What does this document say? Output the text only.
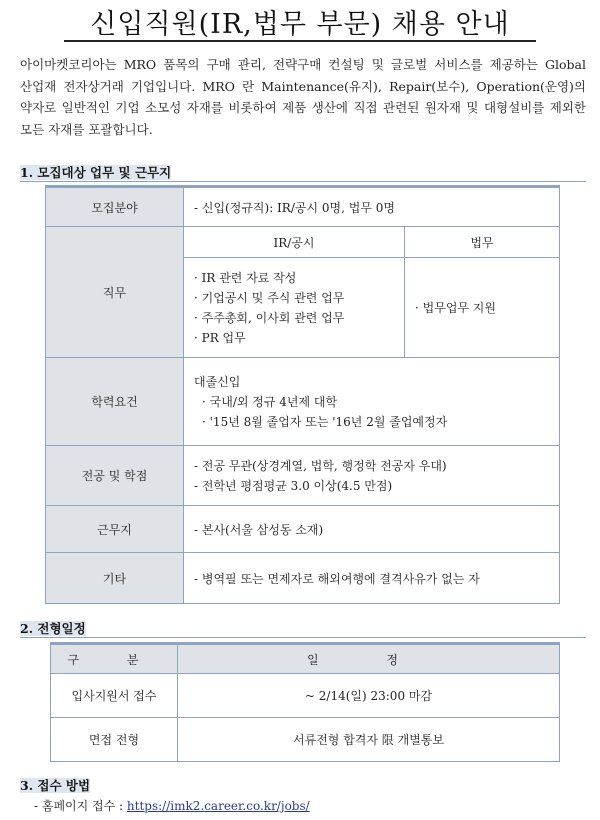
신입직원(IR,법무 부문) 채용 안내
아이마켓코리아는 MRO 품목의 구매 관리, 전략구매 컨설팅 및 글로벌 서비스를 제공하는 Global 산업재 전자상거래 기업입니다. MRO 란 Maintenance(유지), Repair(보수), Operation(운영)의 약자로 일반적인 기업 소모성 자재를 비롯하여 제품 생산에 직접 관련된 원자재 및 대형설비를 제외한 모든 자재를 포괄합니다.
1. 모집대상 업무 및 근무지
모집분야	- 신입(정규직): IR/공시 0명, 법무 0명	
직무	IR/공시	법무

	· IR 관련 자료 작성
· 기업공시 및 주식 관련 업무
· 주주총회, 이사회 관련 업무
· PR 업무	· 법무업무 지원

학력요건	대졸신입
· 국내/외 정규 4년제 대학
· '15년 8월 졸업자 또는 '16년 2월 졸업예정자	

전공 및 학점	- 전공 무관(상경계열, 법학, 행정학 전공자 우대)
- 전학년 평점평균 3.0 이상(4.5 만점)	

근무지	- 본사(서울 삼성동 소재)	
기타	- 병역필 또는 면제자로 해외여행에 결격사유가 없는 자	
2. 전형일정
구 분	일 정
입사지원서 접수	~ 2/14(일) 23:00 마감
면접 전형	서류전형 합격자 限 개별통보
3. 접수 방법
- 홈페이지 접수 : https://imk2.career.co.kr/jobs/
